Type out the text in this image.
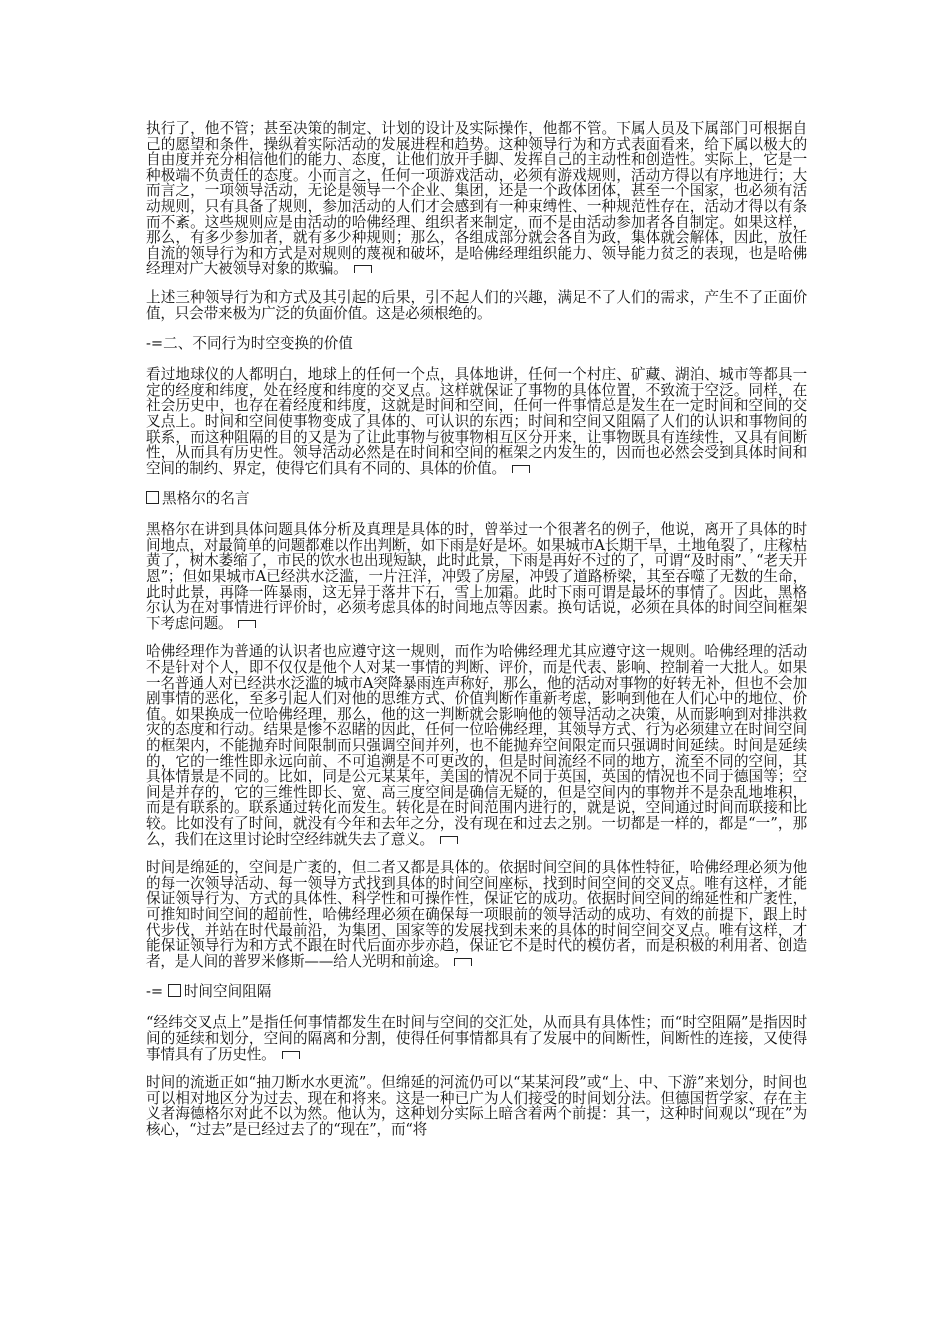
执行了，他不管；甚至决策的制定、计划的设计及实际操作，他都不管。下属人员及下属部门可根据自己的愿望和条件，操纵着实际活动的发展进程和趋势。这种领导行为和方式表面看来，给下属以极大的自由度并充分相信他们的能力、态度，让他们放开手脚、发挥自己的主动性和创造性。实际上，它是一种极端不负责任的态度。小而言之，任何一项游戏活动，必须有游戏规则，活动方得以有序地进行；大而言之，一项领导活动，无论是领导一个企业、集团，还是一个政体团体，甚至一个国家，也必须有活动规则，只有具备了规则，参加活动的人们才会感到有一种束缚性、一种规范性存在，活动才得以有条而不紊。这些规则应是由活动的哈佛经理、组织者来制定，而不是由活动参加者各自制定。如果这样，那么，有多少参加者，就有多少种规则；那么，各组成部分就会各自为政，集体就会解体，因此，放任自流的领导行为和方式是对规则的蔑视和破坏，是哈佛经理组织能力、领导能力贫乏的表现，也是哈佛经理对广大被领导对象的欺骗。

上述三种领导行为和方式及其引起的后果，引不起人们的兴趣，满足不了人们的需求，产生不了正面价值，只会带来极为广泛的负面价值。这是必须根绝的。

-=二、不同行为时空变换的价值

看过地球仪的人都明白，地球上的任何一个点，具体地讲，任何一个村庄、矿藏、湖泊、城市等都具一定的经度和纬度，处在经度和纬度的交叉点。这样就保证了事物的具体位置，不致流于空泛。同样，在社会历史中，也存在着经度和纬度，这就是时间和空间，任何一件事情总是发生在一定时间和空间的交叉点上。时间和空间使事物变成了具体的、可认识的东西；时间和空间又阻隔了人们的认识和事物间的联系，而这种阻隔的目的又是为了让此事物与彼事物相互区分开来，让事物既具有连续性，又具有间断性，从而具有历史性。领导活动必然是在时间和空间的框架之内发生的，因而也必然会受到具体时间和空间的制约、界定，使得它们具有不同的、具体的价值。

黑格尔的名言

黑格尔在讲到具体问题具体分析及真理是具体的时，曾举过一个很著名的例子，他说，离开了具体的时间地点，对最简单的问题都难以作出判断，如下雨是好是坏。如果城市A长期干旱，土地龟裂了，庄稼枯黄了，树木萎缩了，市民的饮水也出现短缺，此时此景，下雨是再好不过的了，可谓“及时雨”、“老天开恩”；但如果城市A已经洪水泛滥，一片汪洋，冲毁了房屋，冲毁了道路桥梁，其至吞噬了无数的生命，此时此景，再降一阵暴雨，这无异于落井下石，雪上加霜。此时下雨可谓是最坏的事情了。因此，黑格尔认为在对事情进行评价时，必须考虑具体的时间地点等因素。换句话说，必须在具体的时间空间框架下考虑问题。

哈佛经理作为普通的认识者也应遵守这一规则，而作为哈佛经理尤其应遵守这一规则。哈佛经理的活动不是针对个人，即不仅仅是他个人对某一事情的判断、评价，而是代表、影响、控制着一大批人。如果一名普通人对已经洪水泛滥的城市A突降暴雨连声称好，那么，他的活动对事物的好转无补，但也不会加剧事情的恶化，至多引起人们对他的思维方式、价值判断作重新考虑，影响到他在人们心中的地位、价值。如果换成一位哈佛经理，那么，他的这一判断就会影响他的领导活动之决策，从而影响到对排洪救灾的态度和行动。结果是惨不忍睹的因此，任何一位哈佛经理，其领导方式、行为必须建立在时间空间的框架内，不能抛弃时间限制而只强调空间并列，也不能抛弃空间限定而只强调时间延续。时间是延续的，它的一维性即永远向前、不可追溯是不可更改的，但是时间流经不同的地方，流至不同的空间，其具体情景是不同的。比如，同是公元某某年，美国的情况不同于英国，英国的情况也不同于德国等；空间是并存的，它的三维性即长、宽、高三度空间是确信无疑的，但是空间内的事物并不是杂乱地堆积，而是有联系的。联系通过转化而发生。转化是在时间范围内进行的，就是说，空间通过时间而联接和比较。比如没有了时间，就没有今年和去年之分，没有现在和过去之别。一切都是一样的，都是“一”，那么，我们在这里讨论时空经纬就失去了意义。

时间是绵延的，空间是广袤的，但二者又都是具体的。依据时间空间的具体性特征，哈佛经理必须为他的每一次领导活动、每一领导方式找到具体的时间空间座标，找到时间空间的交叉点。唯有这样，才能保证领导行为、方式的具体性、科学性和可操作性，保证它的成功。依据时间空间的绵延性和广袤性，可推知时间空间的超前性，哈佛经理必须在确保每一项眼前的领导活动的成功、有效的前提下，跟上时代步伐，并站在时代最前沿，为集团、国家等的发展找到未来的具体的时间空间交叉点。唯有这样，才能保证领导行为和方式不跟在时代后面亦步亦趋，保证它不是时代的模仿者，而是积极的利用者、创造者，是人间的普罗米修斯——给人光明和前途。

-= 时间空间阻隔

“经纬交叉点上”是指任何事情都发生在时间与空间的交汇处，从而具有具体性；而“时空阻隔”是指因时间的延续和划分，空间的隔离和分割，使得任何事情都具有了发展中的间断性，间断性的连接，又使得事情具有了历史性。

时间的流逝正如“抽刀断水水更流”。但绵延的河流仍可以“某某河段”或“上、中、下游”来划分，时间也可以相对地区分为过去、现在和将来。这是一种已广为人们接受的时间划分法。但德国哲学家、存在主义者海德格尔对此不以为然。他认为，这种划分实际上暗含着两个前提：其一，这种时间观以“现在”为核心，“过去”是已经过去了的“现在”，而“将
